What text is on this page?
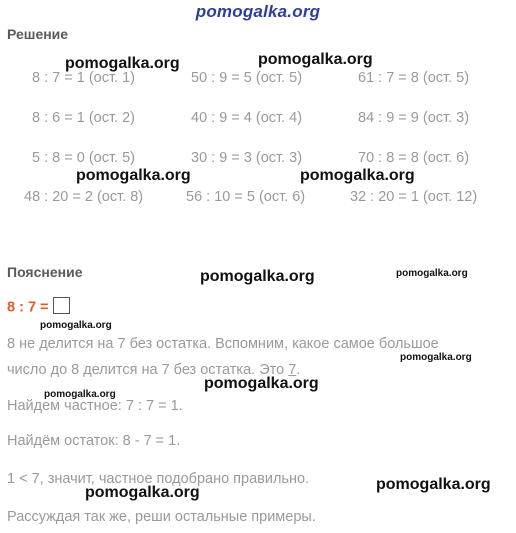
pomogalka.org
Решение
8 : 7 = 1 (ост. 1)	50 : 9 = 5 (ост. 5)	61 : 7 = 8 (ост. 5)
8 : 6 = 1 (ост. 2)	40 : 9 = 4 (ост. 4)	84 : 9 = 9 (ост. 3)
5 : 8 = 0 (ост. 5)	30 : 9 = 3 (ост. 3)	70 : 8 = 8 (ост. 6)
48 : 20 = 2 (ост. 8)	56 : 10 = 5 (ост. 6)	32 : 20 = 1 (ост. 12)
Пояснение
8 : 7 =
8 не делится на 7 без остатка. Вспомним, какое самое большое
число до 8 делится на 7 без остатка. Это 7.
Найдем частное: 7 : 7 = 1.
Найдём остаток: 8 - 7 = 1.
1 < 7, значит, частное подобрано правильно.
Рассуждая так же, реши остальные примеры.
pomogalka.org	pomogalka.org
pomogalka.org	pomogalka.org
pomogalka.org	pomogalka.org
pomogalka.org
pomogalka.org
pomogalka.org
pomogalka.org
pomogalka.org
pomogalka.org
